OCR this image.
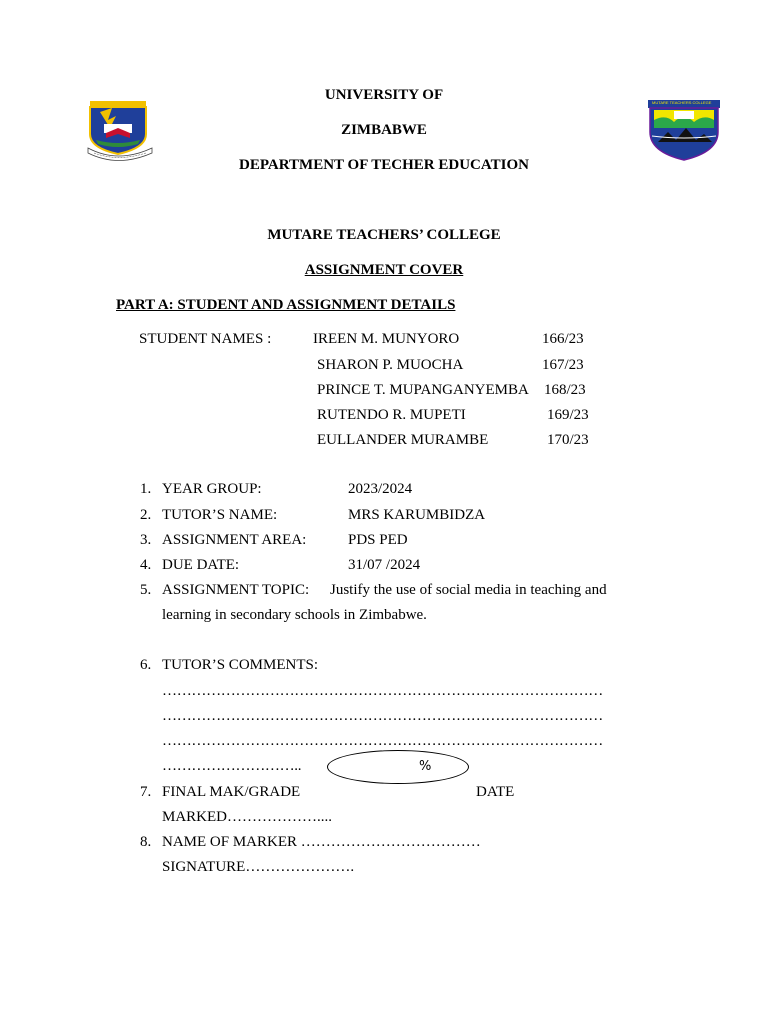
MUTARE TEACHERS COLLEGE
UNIVERSITY OF
ZIMBABWE
DEPARTMENT OF TECHER EDUCATION
MUTARE TEACHERS’ COLLEGE
ASSIGNMENT COVER
PART A: STUDENT AND ASSIGNMENT DETAILS
STUDENT NAMES :	IREEN M. MUNYORO	166/23
SHARON P. MUOCHA	167/23
PRINCE T. MUPANGANYEMBA 168/23
RUTENDO R. MUPETI	169/23
EULLANDER MURAMBE	170/23
1. YEAR GROUP:	2023/2024
2. TUTOR’S NAME:	MRS KARUMBIDZA
3. ASSIGNMENT AREA:	PDS PED
4. DUE DATE:	31/07 /2024
5. ASSIGNMENT TOPIC: Justify the use of social media in teaching and
learning in secondary schools in Zimbabwe.
6. TUTOR’S COMMENTS:
………………………………………………………………………………
………………………………………………………………………………
………………………………………………………………………………
………………………..	%
7. FINAL MAK/GRADE	DATE
MARKED………………....
8. NAME OF MARKER ………………………………
SIGNATURE………………….
